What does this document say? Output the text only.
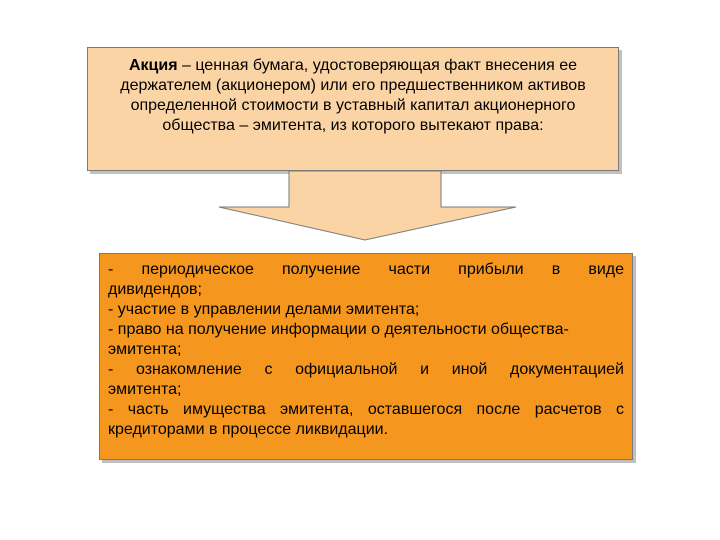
Акция – ценная бумага, удостоверяющая факт внесения ее держателем (акционером) или его предшественником активов определенной стоимости в уставный капитал акционерного общества – эмитента, из которого вытекают права:
- периодическое получение части прибыли в виде
дивидендов;
- участие в управлении делами эмитента;
- право на получение информации о деятельности общества-
эмитента;
- ознакомление с официальной и иной документацией
эмитента;
- часть имущества эмитента, оставшегося после расчетов с
кредиторами в процессе ликвидации.
